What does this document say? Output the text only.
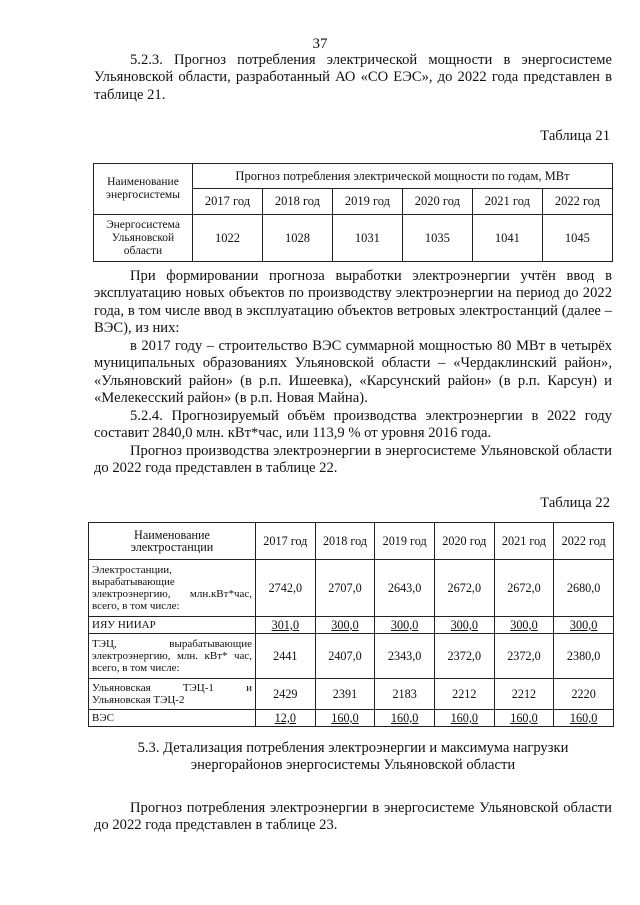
37

5.2.3. Прогноз потребления электрической мощности в энергосистеме Ульяновской области, разработанный АО «СО ЕЭС», до 2022 года представлен в таблице 21.

Таблица 21
Наименование энергосистемы	Прогноз потребления электрической мощности по годам, МВт					
	2017 год	2018 год	2019 год	2020 год	2021 год	2022 год
Энергосистема Ульяновской области	1022	1028	1031	1035	1041	1045

При формировании прогноза выработки электроэнергии учтён ввод в эксплуатацию новых объектов по производству электроэнергии на период до 2022 года, в том числе ввод в эксплуатацию объектов ветровых электростанций (далее – ВЭС), из них:

в 2017 году – строительство ВЭС суммарной мощностью 80 МВт в четырёх муниципальных образованиях Ульяновской области – «Чердаклинский район», «Ульяновский район» (в р.п. Ишеевка), «Карсунский район» (в р.п. Карсун) и «Мелекесский район» (в р.п. Новая Майна).

5.2.4. Прогнозируемый объём производства электроэнергии в 2022 году составит 2840,0 млн. кВт*час, или 113,9 % от уровня 2016 года.

Прогноз производства электроэнергии в энергосистеме Ульяновской области до 2022 года представлен в таблице 22.

Таблица 22
Наименование электростанции	2017 год	2018 год	2019 год	2020 год	2021 год	2022 год
Электростанции, вырабатывающие электроэнергию, млн.кВт*час, всего, в том числе:	2742,0	2707,0	2643,0	2672,0	2672,0	2680,0
ИЯУ НИИАР	301,0	300,0	300,0	300,0	300,0	300,0
ТЭЦ, вырабатывающие электроэнергию, млн. кВт* час, всего, в том числе:	2441	2407,0	2343,0	2372,0	2372,0	2380,0
Ульяновская ТЭЦ-1 и Ульяновская ТЭЦ-2	2429	2391	2183	2212	2212	2220
ВЭС	12,0	160,0	160,0	160,0	160,0	160,0

5.3. Детализация потребления электроэнергии и максимума нагрузки энергорайонов энергосистемы Ульяновской области

Прогноз потребления электроэнергии в энергосистеме Ульяновской области до 2022 года представлен в таблице 23.
